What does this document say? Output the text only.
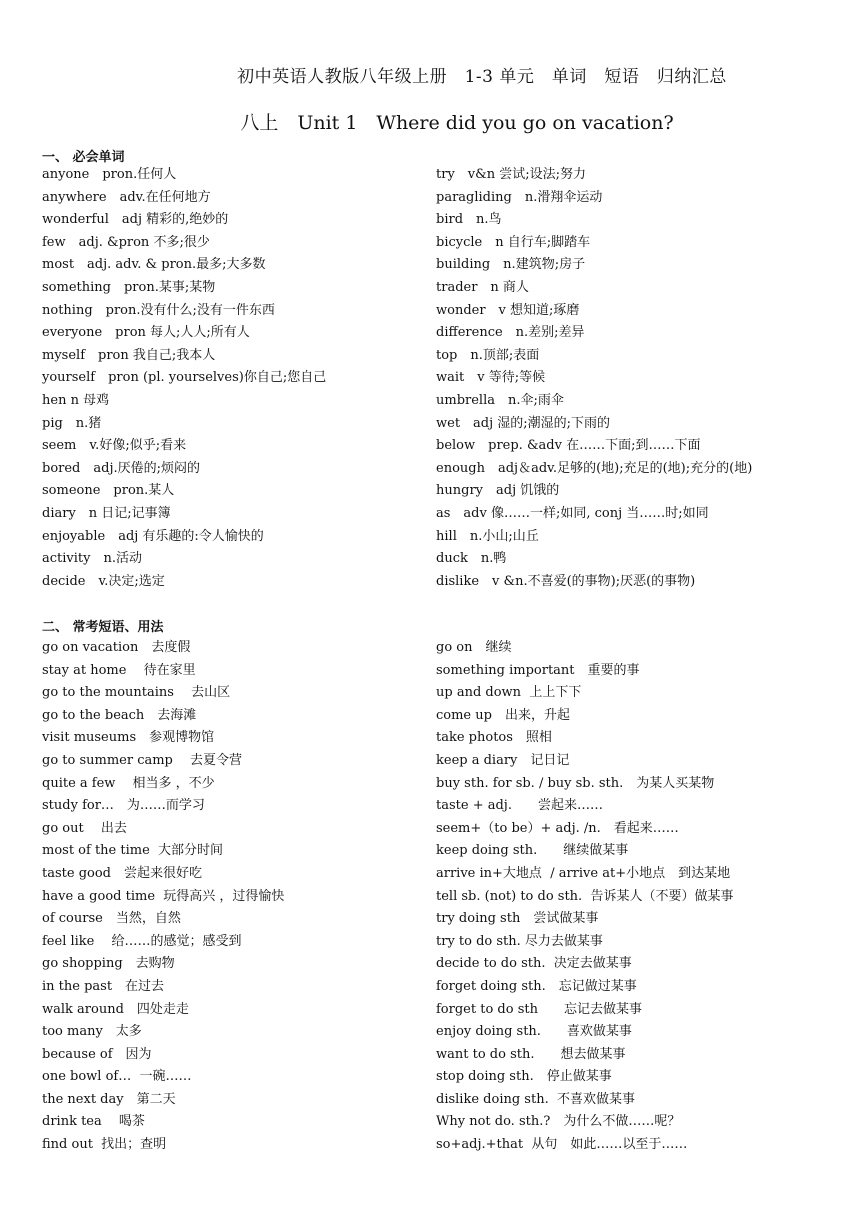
初中英语人教版八年级上册　1-3 单元　单词　短语　归纳汇总
八上　Unit 1　Where did you go on vacation?
一、 必会单词
anyone　pron.任何人
anywhere　adv.在任何地方
wonderful　adj 精彩的,绝妙的
few　adj. &pron 不多;很少
most　adj. adv. & pron.最多;大多数
something　pron.某事;某物
nothing　pron.没有什么;没有一件东西
everyone　pron 每人;人人;所有人
myself　pron 我自己;我本人
yourself　pron (pl. yourselves)你自己;您自己
hen n 母鸡
pig　n.猪
seem　v.好像;似乎;看来
bored　adj.厌倦的;烦闷的
someone　pron.某人
diary　n 日记;记事簿
enjoyable　adj 有乐趣的:令人愉快的
activity　n.活动
decide　v.决定;选定
try　v&n 尝试;设法;努力
paragliding　n.滑翔伞运动
bird　n.鸟
bicycle　n 自行车;脚踏车
building　n.建筑物;房子
trader　n 商人
wonder　v 想知道;琢磨
difference　n.差别;差异
top　n.顶部;表面
wait　v 等待;等候
umbrella　n.伞;雨伞
wet　adj 湿的;潮湿的;下雨的
below　prep. &adv 在……下面;到……下面
enough　adj＆adv.足够的(地);充足的(地);充分的(地)
hungry　adj 饥饿的
as　adv 像……一样;如同, conj 当……时;如同
hill　n.小山;山丘
duck　n.鸭
dislike　v &n.不喜爱(的事物);厌恶(的事物)
二、 常考短语、用法
go on vacation　去度假
stay at home　 待在家里
go to the mountains　 去山区
go to the beach　去海滩
visit museums　参观博物馆
go to summer camp　 去夏令营
quite a few　 相当多 ，不少
study for…　为……而学习
go out　 出去
most of the time  大部分时间
taste good　尝起来很好吃
have a good time  玩得高兴 ，过得愉快
of course　当然，自然
feel like　 给……的感觉；感受到
go shopping　去购物
in the past　在过去
walk around　四处走走
too many　太多
because of　因为
one bowl of…  一碗……
the next day　第二天
drink tea　 喝茶
find out  找出；查明
go on　继续
something important　重要的事
up and down  上上下下
come up　出来，升起
take photos　照相
keep a diary　记日记
buy sth. for sb. / buy sb. sth.　为某人买某物
taste + adj.　　尝起来……
seem+（to be）+ adj. /n.　看起来……
keep doing sth.　　继续做某事
arrive in+大地点  / arrive at+小地点　到达某地
tell sb. (not) to do sth.  告诉某人（不要）做某事
try doing sth　尝试做某事
try to do sth. 尽力去做某事
decide to do sth.  决定去做某事
forget doing sth.　忘记做过某事
forget to do sth　　忘记去做某事
enjoy doing sth.　　喜欢做某事
want to do sth.　　想去做某事
stop doing sth.　停止做某事
dislike doing sth.  不喜欢做某事
Why not do. sth.?　为什么不做……呢？
so+adj.+that  从句　如此……以至于……
